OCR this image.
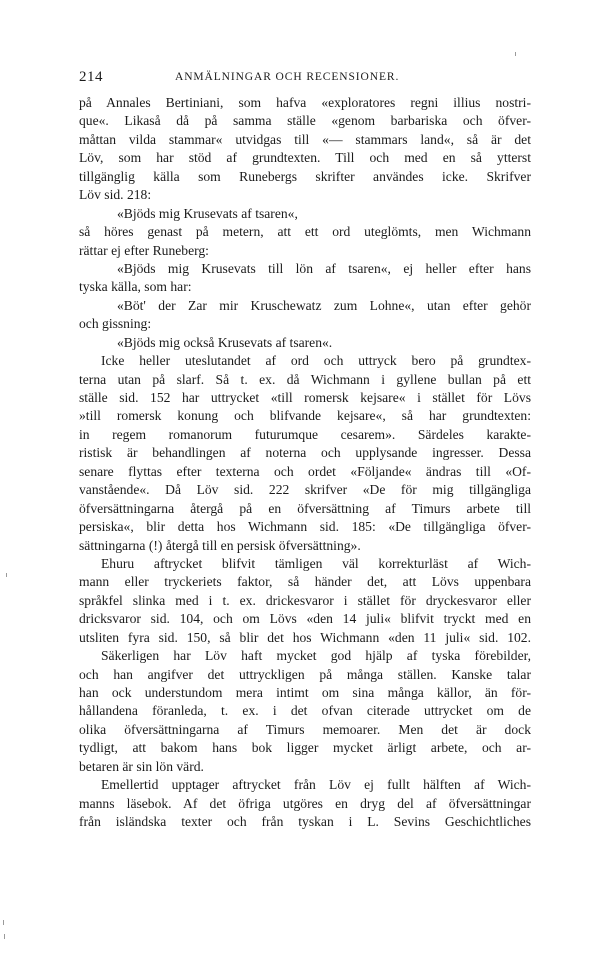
214	ANMÄLNINGAR OCH RECENSIONER.
på Annales Bertiniani, som hafva «exploratores regni illius nostri-
que«. Likaså då på samma ställe «genom barbariska och öfver-
måttan vilda stammar« utvidgas till «— stammars land«, så är det
Löv, som har stöd af grundtexten. Till och med en så ytterst
tillgänglig källa som Runebergs skrifter användes icke. Skrifver
Löv sid. 218:
«Bjöds mig Krusevats af tsaren«,
så höres genast på metern, att ett ord uteglömts, men Wichmann
rättar ej efter Runeberg:
«Bjöds mig Krusevats till lön af tsaren«, ej heller efter hans
tyska källa, som har:
«Böt' der Zar mir Kruschewatz zum Lohne«, utan efter gehör
och gissning:
«Bjöds mig också Krusevats af tsaren«.
Icke heller uteslutandet af ord och uttryck bero på grundtex-
terna utan på slarf. Så t. ex. då Wichmann i gyllene bullan på ett
ställe sid. 152 har uttrycket «till romersk kejsare« i stället för Lövs
»till romersk konung och blifvande kejsare«, så har grundtexten:
in regem romanorum futurumque cesarem». Särdeles karakte-
ristisk är behandlingen af noterna och upplysande ingresser. Dessa
senare flyttas efter texterna och ordet «Följande« ändras till «Of-
vanstående«. Då Löv sid. 222 skrifver «De för mig tillgängliga
öfversättningarna återgå på en öfversättning af Timurs arbete till
persiska«, blir detta hos Wichmann sid. 185: «De tillgängliga öfver-
sättningarna (!) återgå till en persisk öfversättning».
Ehuru aftrycket blifvit tämligen väl korrekturläst af Wich-
mann eller tryckeriets faktor, så händer det, att Lövs uppenbara
språkfel slinka med i t. ex. drickesvaror i stället för dryckesvaror eller
dricksvaror sid. 104, och om Lövs «den 14 juli« blifvit tryckt med en
utsliten fyra sid. 150, så blir det hos Wichmann «den 11 juli« sid. 102.
Säkerligen har Löv haft mycket god hjälp af tyska förebilder,
och han angifver det uttryckligen på många ställen. Kanske talar
han ock understundom mera intimt om sina många källor, än för-
hållandena föranleda, t. ex. i det ofvan citerade uttrycket om de
olika öfversättningarna af Timurs memoarer. Men det är dock
tydligt, att bakom hans bok ligger mycket ärligt arbete, och ar-
betaren är sin lön värd.
Emellertid upptager aftrycket från Löv ej fullt hälften af Wich-
manns läsebok. Af det öfriga utgöres en dryg del af öfversättningar
från isländska texter och från tyskan i L. Sevins Geschichtliches
